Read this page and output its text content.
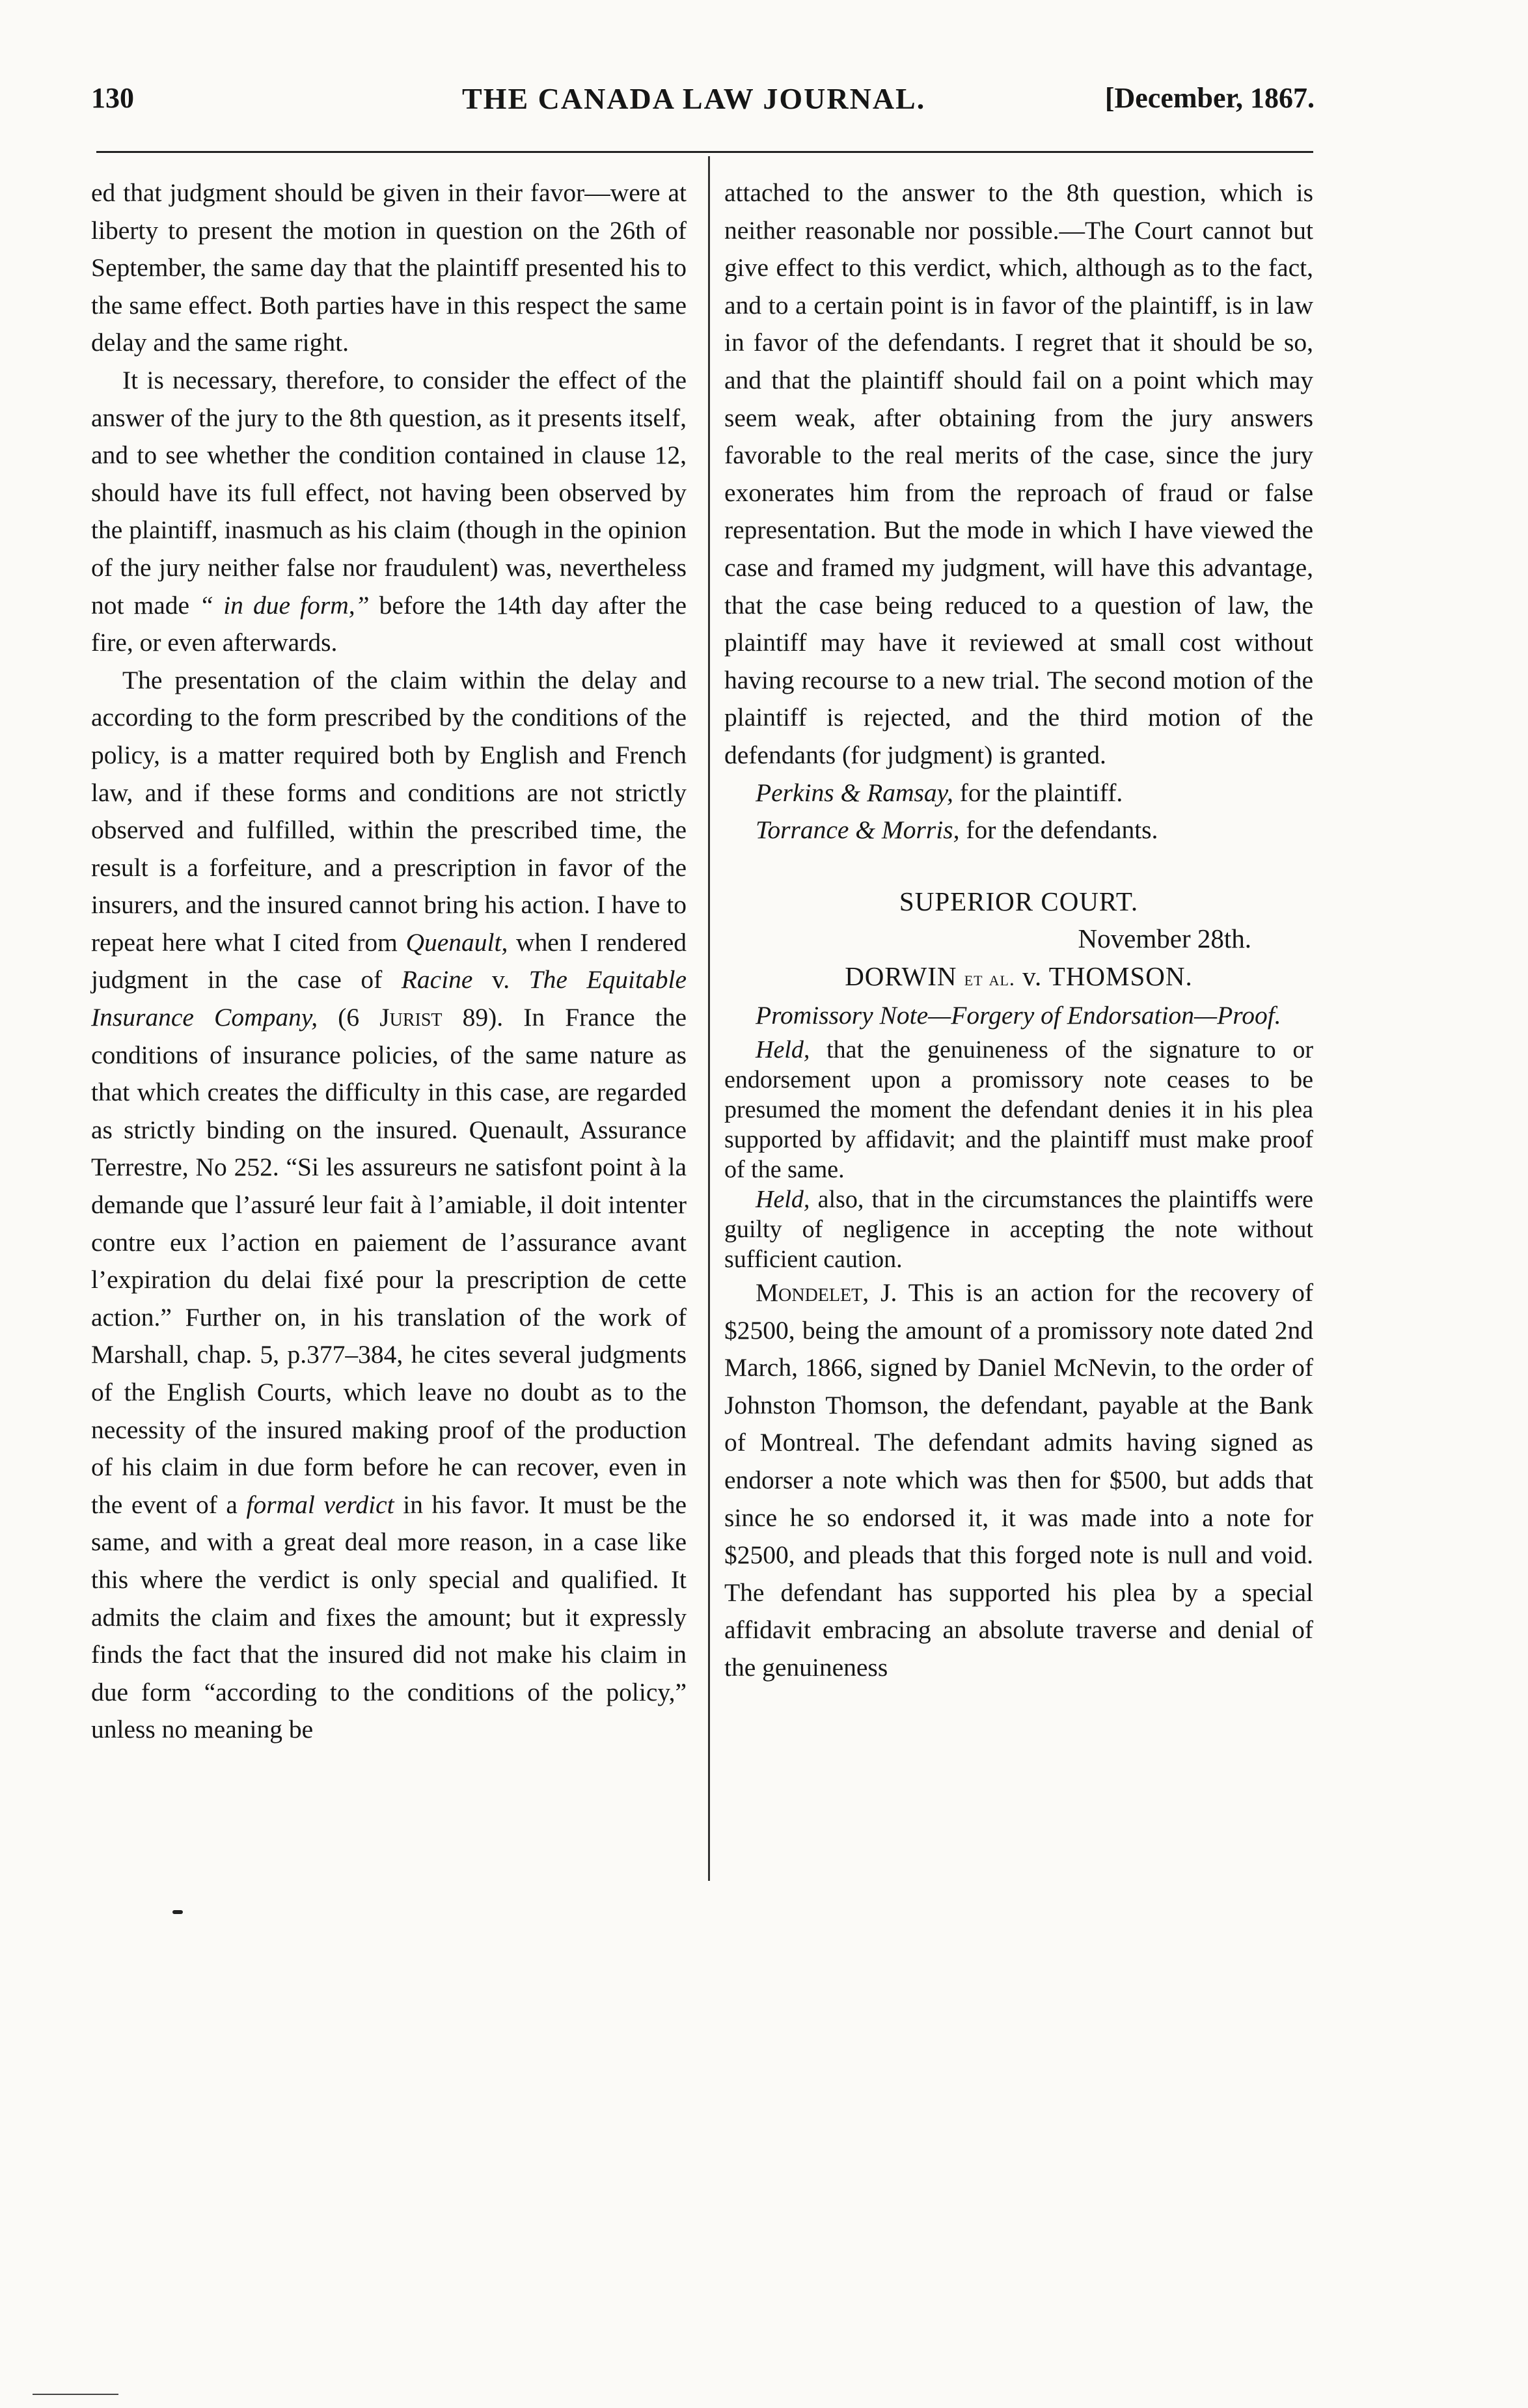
130	THE CANADA LAW JOURNAL.	[December, 1867.

ed that judgment should be given in their favor—were at liberty to present the motion in question on the 26th of September, the same day that the plaintiff presented his to the same effect. Both parties have in this respect the same delay and the same right.

It is necessary, therefore, to consider the effect of the answer of the jury to the 8th question, as it presents itself, and to see whether the condition contained in clause 12, should have its full effect, not having been observed by the plaintiff, inasmuch as his claim (though in the opinion of the jury neither false nor fraudulent) was, nevertheless not made “ in due form,” before the 14th day after the fire, or even afterwards.

The presentation of the claim within the delay and according to the form prescribed by the conditions of the policy, is a matter required both by English and French law, and if these forms and conditions are not strictly observed and fulfilled, within the prescribed time, the result is a forfeiture, and a prescription in favor of the insurers, and the insured cannot bring his action. I have to repeat here what I cited from Quenault, when I rendered judgment in the case of Racine v. The Equitable Insurance Company, (6 Jurist 89). In France the conditions of insurance policies, of the same nature as that which creates the difficulty in this case, are regarded as strictly binding on the insured. Quenault, Assurance Terrestre, No 252. “Si les assureurs ne satisfont point à la demande que l’assuré leur fait à l’amiable, il doit intenter contre eux l’action en paiement de l’assurance avant l’expiration du delai fixé pour la prescription de cette action.” Further on, in his translation of the work of Marshall, chap. 5, p.377–384, he cites several judgments of the English Courts, which leave no doubt as to the necessity of the insured making proof of the production of his claim in due form before he can recover, even in the event of a formal verdict in his favor. It must be the same, and with a great deal more reason, in a case like this where the verdict is only special and qualified. It admits the claim and fixes the amount; but it expressly finds the fact that the insured did not make his claim in due form “according to the conditions of the policy,” unless no meaning be

attached to the answer to the 8th question, which is neither reasonable nor possible.—The Court cannot but give effect to this verdict, which, although as to the fact, and to a certain point is in favor of the plaintiff, is in law in favor of the defendants. I regret that it should be so, and that the plaintiff should fail on a point which may seem weak, after obtaining from the jury answers favorable to the real merits of the case, since the jury exonerates him from the reproach of fraud or false representation. But the mode in which I have viewed the case and framed my judgment, will have this advantage, that the case being reduced to a question of law, the plaintiff may have it reviewed at small cost without having recourse to a new trial. The second motion of the plaintiff is rejected, and the third motion of the defendants (for judgment) is granted.

Perkins & Ramsay, for the plaintiff.

Torrance & Morris, for the defendants.

SUPERIOR COURT.
November 28th.
DORWIN et al. v. THOMSON.

Promissory Note—Forgery of Endorsation—Proof.

Held, that the genuineness of the signature to or endorsement upon a promissory note ceases to be presumed the moment the defendant denies it in his plea supported by affidavit; and the plaintiff must make proof of the same.

Held, also, that in the circumstances the plaintiffs were guilty of negligence in accepting the note without sufficient caution.

Mondelet, J. This is an action for the recovery of $2500, being the amount of a promissory note dated 2nd March, 1866, signed by Daniel McNevin, to the order of Johnston Thomson, the defendant, payable at the Bank of Montreal. The defendant admits having signed as endorser a note which was then for $500, but adds that since he so endorsed it, it was made into a note for $2500, and pleads that this forged note is null and void. The defendant has supported his plea by a special affidavit embracing an absolute traverse and denial of the genuineness
